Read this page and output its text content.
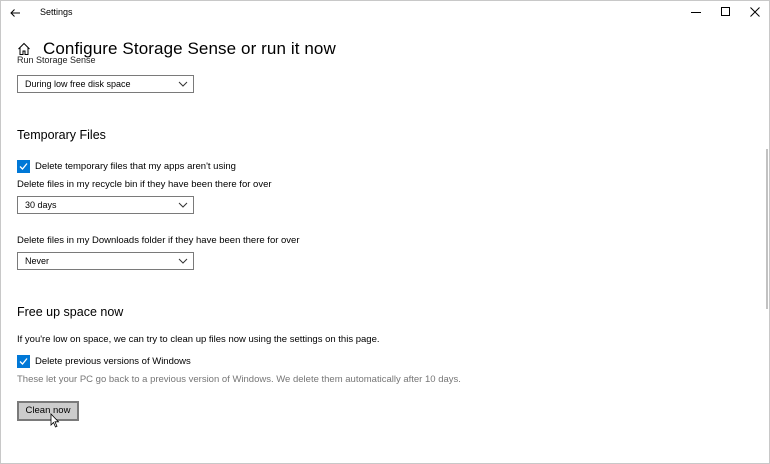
Settings
Configure Storage Sense or run it now
Run Storage Sense
During low free disk space
Temporary Files
Delete temporary files that my apps aren't using
Delete files in my recycle bin if they have been there for over
30 days
Delete files in my Downloads folder if they have been there for over
Never
Free up space now
If you're low on space, we can try to clean up files now using the settings on this page.
Delete previous versions of Windows
These let your PC go back to a previous version of Windows. We delete them automatically after 10 days.
Clean now
